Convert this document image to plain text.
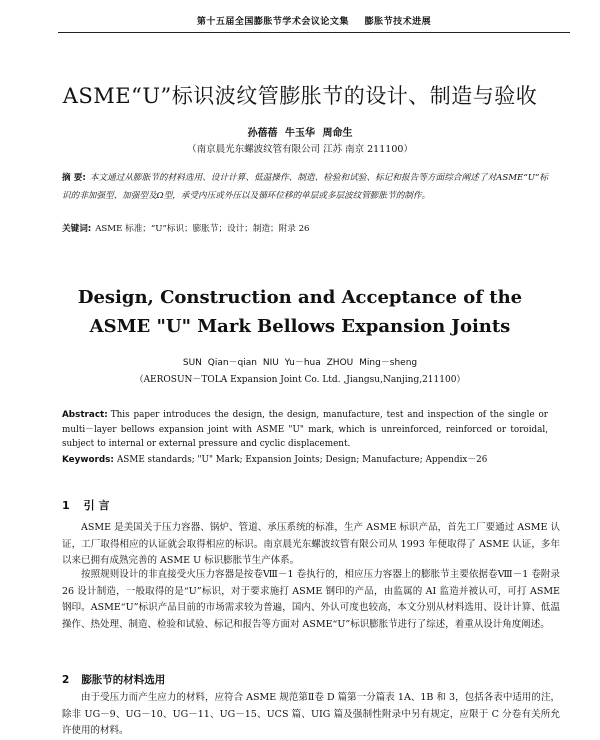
第十五届全国膨胀节学术会议论文集 膨胀节技术进展
ASME“U”标识波纹管膨胀节的设计、制造与验收
孙蓓蓓 牛玉华 周命生
（南京晨光东螺波纹管有限公司 江苏 南京 211100）
摘 要: 本文通过从膨胀节的材料选用、设计计算、低温操作、制造、检验和试验、标记和报告等方面综合阐述了对ASME“U”标识的非加强型、加强型及Ω型，承受内压或外压以及循环位移的单层或多层波纹管膨胀节的制作。
关键词: ASME 标准；“U”标识；膨胀节；设计；制造；附录 26
Design, Construction and Acceptance of the
ASME "U" Mark Bellows Expansion Joints
SUN Qian－qian NIU Yu－hua ZHOU Ming－sheng
（AEROSUN－TOLA Expansion Joint Co. Ltd. ,Jiangsu,Nanjing,211100）
Abstract: This paper introduces the design, the design, manufacture, test and inspection of the single or multi－layer bellows expansion joint with ASME "U" mark, which is unreinforced, reinforced or toroidal, subject to internal or external pressure and cyclic displacement.
Keywords: ASME standards; "U" Mark; Expansion Joints; Design; Manufacture; Appendix－26
1 引 言
ASME 是美国关于压力容器、锅炉、管道、承压系统的标准，生产 ASME 标识产品，首先工厂要通过 ASME 认证，工厂取得相应的认证就会取得相应的标识。南京晨光东螺波纹管有限公司从 1993 年便取得了 ASME 认证，多年以来已拥有成熟完善的 ASME U 标识膨胀节生产体系。
按照规则设计的非直接受火压力容器是按卷Ⅷ－1 卷执行的，相应压力容器上的膨胀节主要依据卷Ⅷ－1 卷附录 26 设计制造，一般取得的是“U”标识，对于要求施打 ASME 钢印的产品，由监属的 AI 监造并被认可，可打 ASME 钢印。ASME“U”标识产品目前的市场需求较为普遍，国内、外认可度也较高，本文分别从材料选用、设计计算、低温操作、热处理、制造、检验和试验、标记和报告等方面对 ASME“U”标识膨胀节进行了综述，着重从设计角度阐述。
2 膨胀节的材料选用
由于受压力而产生应力的材料，应符合 ASME 规范第Ⅱ卷 D 篇第一分篇表 1A、1B 和 3，包括各表中适用的注，除非 UG－9、UG－10、UG－11、UG－15、UCS 篇、UIG 篇及强制性附录中另有规定，应限于 C 分卷有关所允许使用的材料。
